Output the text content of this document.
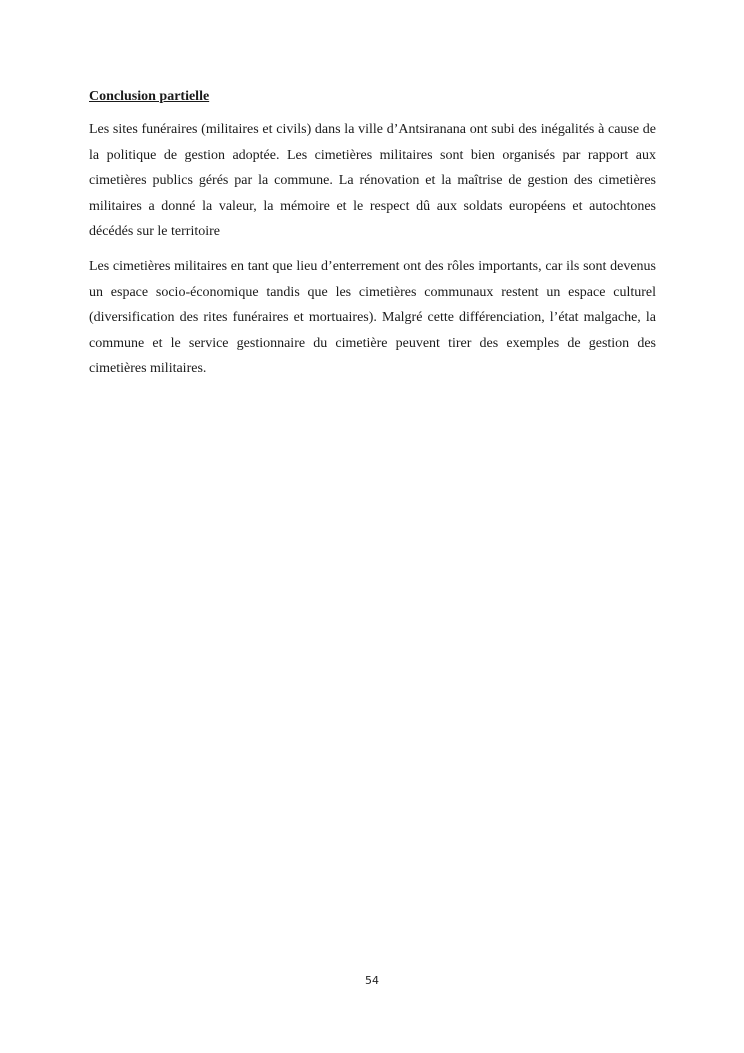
Conclusion partielle

Les sites funéraires (militaires et civils) dans la ville d’Antsiranana ont subi des inégalités à cause de la politique de gestion adoptée. Les cimetières militaires sont bien organisés par rapport aux cimetières publics gérés par la commune. La rénovation et la maîtrise de gestion des cimetières militaires a donné la valeur, la mémoire et le respect dû aux soldats européens et autochtones décédés sur le territoire

Les cimetières militaires en tant que lieu d’enterrement ont des rôles importants, car ils sont devenus un espace socio-économique tandis que les cimetières communaux restent un espace culturel (diversification des rites funéraires et mortuaires). Malgré cette différenciation, l’état malgache, la commune et le service gestionnaire du cimetière peuvent tirer des exemples de gestion des cimetières militaires.

54
